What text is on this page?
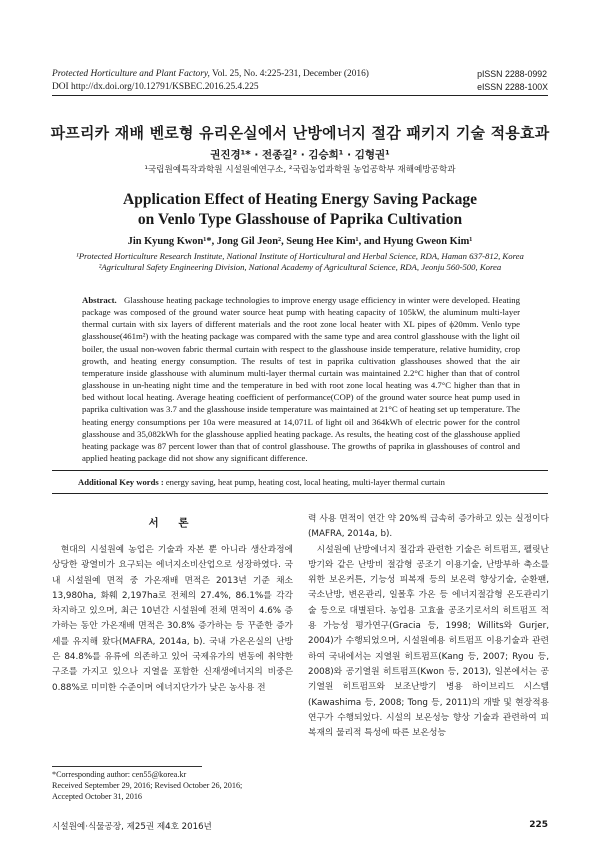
Protected Horticulture and Plant Factory, Vol. 25, No. 4:225-231, December (2016)
DOI http://dx.doi.org/10.12791/KSBEC.2016.25.4.225
pISSN 2288-0992
eISSN 2288-100X
파프리카 재배 벤로형 유리온실에서 난방에너지 절감 패키지 기술 적용효과
권진경¹* · 전종길² · 김승희¹ · 김형권¹
¹국립원예특작과학원 시설원예연구소, ²국립농업과학원 농업공학부 재해예방공학과
Application Effect of Heating Energy Saving Package
on Venlo Type Glasshouse of Paprika Cultivation
Jin Kyung Kwon¹*, Jong Gil Jeon², Seung Hee Kim¹, and Hyung Gweon Kim¹
¹Protected Horticulture Research Institute, National Institute of Horticultural and Herbal Science, RDA, Haman 637-812, Korea
²Agricultural Safety Engineering Division, National Academy of Agricultural Science, RDA, Jeonju 560-500, Korea
Abstract. Glasshouse heating package technologies to improve energy usage efficiency in winter were developed. Heating package was composed of the ground water source heat pump with heating capacity of 105kW, the aluminum multi-layer thermal curtain with six layers of different materials and the root zone local heater with XL pipes of ϕ20mm. Venlo type glasshouse(461m²) with the heating package was compared with the same type and area control glasshouse with the light oil boiler, the usual non-woven fabric thermal curtain with respect to the glasshouse inside temperature, relative humidity, crop growth, and heating energy consumption. The results of test in paprika cultivation glasshouses showed that the air temperature inside glasshouse with aluminum multi-layer thermal curtain was maintained 2.2°C higher than that of control glasshouse in un-heating night time and the temperature in bed with root zone local heating was 4.7°C higher than that in bed without local heating. Average heating coefficient of performance(COP) of the ground water source heat pump used in paprika cultivation was 3.7 and the glasshouse inside temperature was maintained at 21°C of heating set up temperature. The heating energy consumptions per 10a were measured at 14,071L of light oil and 364kWh of electric power for the control glasshouse and 35,082kWh for the glasshouse applied heating package. As results, the heating cost of the glasshouse applied heating package was 87 percent lower than that of control glasshouse. The growths of paprika in glasshouses of control and applied heating package did not show any significant difference.
Additional Key words : energy saving, heat pump, heating cost, local heating, multi-layer thermal curtain
서 론

현대의 시설원예 농업은 기술과 자본 뿐 아니라 생산과정에 상당한 광열비가 요구되는 에너지소비산업으로 성장하였다. 국내 시설원예 면적 중 가온재배 면적은 2013년 기준 채소 13,980ha, 화훼 2,197ha로 전체의 27.4%, 86.1%를 각각 차지하고 있으며, 최근 10년간 시설원예 전체 면적이 4.6% 증가하는 동안 가온재배 면적은 30.8% 증가하는 등 꾸준한 증가세를 유지해 왔다(MAFRA, 2014a, b). 국내 가온온실의 난방은 84.8%를 유류에 의존하고 있어 국제유가의 변동에 취약한 구조를 가지고 있으나 지열을 포함한 신재생에너지의 비중은 0.88%로 미미한 수준이며 에너지단가가 낮은 농사용 전

력 사용 면적이 연간 약 20%씩 급속히 증가하고 있는 실정이다(MAFRA, 2014a, b).

시설원예 난방에너지 절감과 관련한 기술은 히트펌프, 펠릿난방기와 같은 난방비 절감형 공조기 이용기술, 난방부하 축소를 위한 보온커튼, 기능성 피복재 등의 보온력 향상기술, 순환팬, 국소난방, 변온관리, 일몰후 가온 등 에너지절감형 온도관리기술 등으로 대별된다. 농업용 고효율 공조기로서의 히트펌프 적용 가능성 평가연구(Gracia 등, 1998; Willits와 Gurjer, 2004)가 수행되었으며, 시설원예용 히트펌프 이용기술과 관련하여 국내에서는 지열원 히트펌프(Kang 등, 2007; Ryou 등, 2008)와 공기열원 히트펌프(Kwon 등, 2013), 일본에서는 공기열원 히트펌프와 보조난방기 병용 하이브리드 시스템(Kawashima 등, 2008; Tong 등, 2011)의 개발 및 현장적용 연구가 수행되었다. 시설의 보온성능 향상 기술과 관련하여 피복재의 물리적 특성에 따른 보온성능

*Corresponding author: cen55@korea.kr
Received September 29, 2016; Revised October 26, 2016;
Accepted October 31, 2016
시설원예·식물공장, 제25권 제4호 2016년	225
